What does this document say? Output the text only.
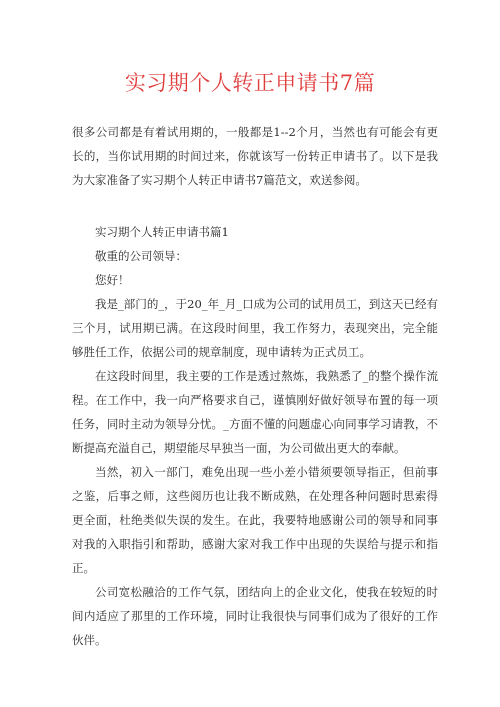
实习期个人转正申请书7篇

很多公司都是有着试用期的，一般都是1--2个月，当然也有可能会有更长的，当你试用期的时间过来，你就该写一份转正申请书了。以下是我为大家准备了实习期个人转正申请书7篇范文，欢送参阅。

实习期个人转正申请书篇1

敬重的公司领导：

您好！

我是_部门的_，于20_年_月_口成为公司的试用员工，到这天已经有三个月，试用期已满。在这段时间里，我工作努力，表现突出，完全能够胜任工作，依据公司的规章制度，现申请转为正式员工。

在这段时间里，我主要的工作是透过熬炼，我熟悉了_的整个操作流程。在工作中，我一向严格要求自己，谨慎刚好做好领导布置的每一项任务，同时主动为领导分忧。_方面不懂的问题虚心向同事学习请教，不断提高充溢自己，期望能尽早独当一面，为公司做出更大的奉献。

当然，初入一部门，难免出现一些小差小错须要领导指正，但前事之鉴，后事之师，这些阅历也让我不断成熟，在处理各种问题时思索得更全面，杜绝类似失误的发生。在此，我要特地感谢公司的领导和同事对我的入职指引和帮助，感谢大家对我工作中出现的失误给与提示和指正。

公司宽松融洽的工作气氛，团结向上的企业文化，使我在较短的时间内适应了那里的工作环境，同时让我很快与同事们成为了很好的工作伙伴。
